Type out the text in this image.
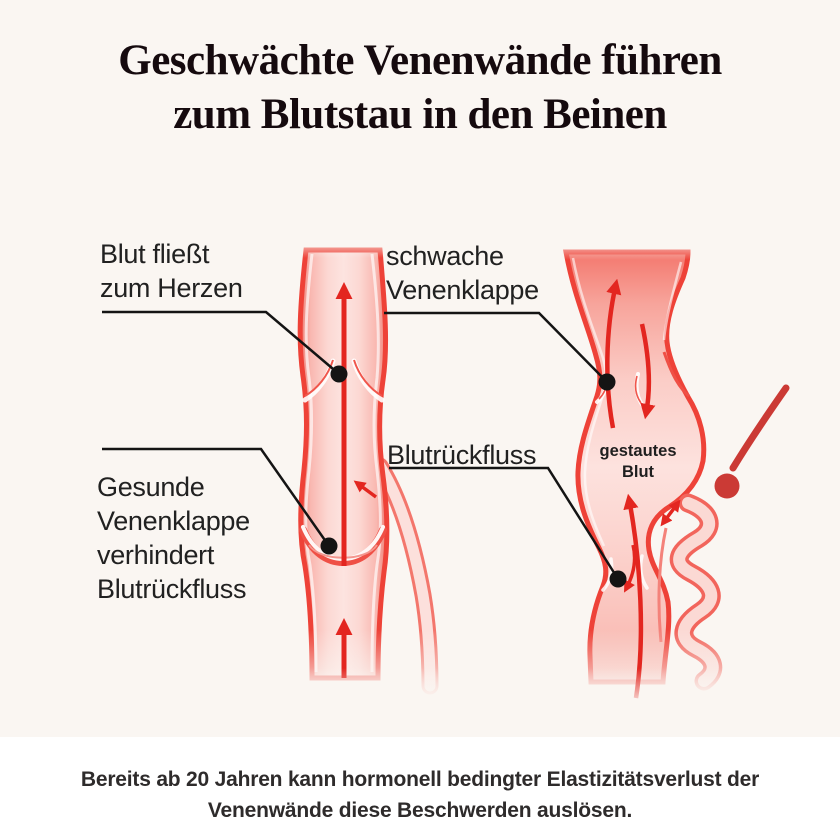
Geschwächte Venenwände führen
zum Blutstau in den Beinen
Blut fließt
zum Herzen
Gesunde
Venenklappe
verhindert
Blutrückfluss
schwache
Venenklappe
Blutrückfluss	gestautes
Blut
Bereits ab 20 Jahren kann hormonell bedingter Elastizitätsverlust der
Venenwände diese Beschwerden auslösen.
